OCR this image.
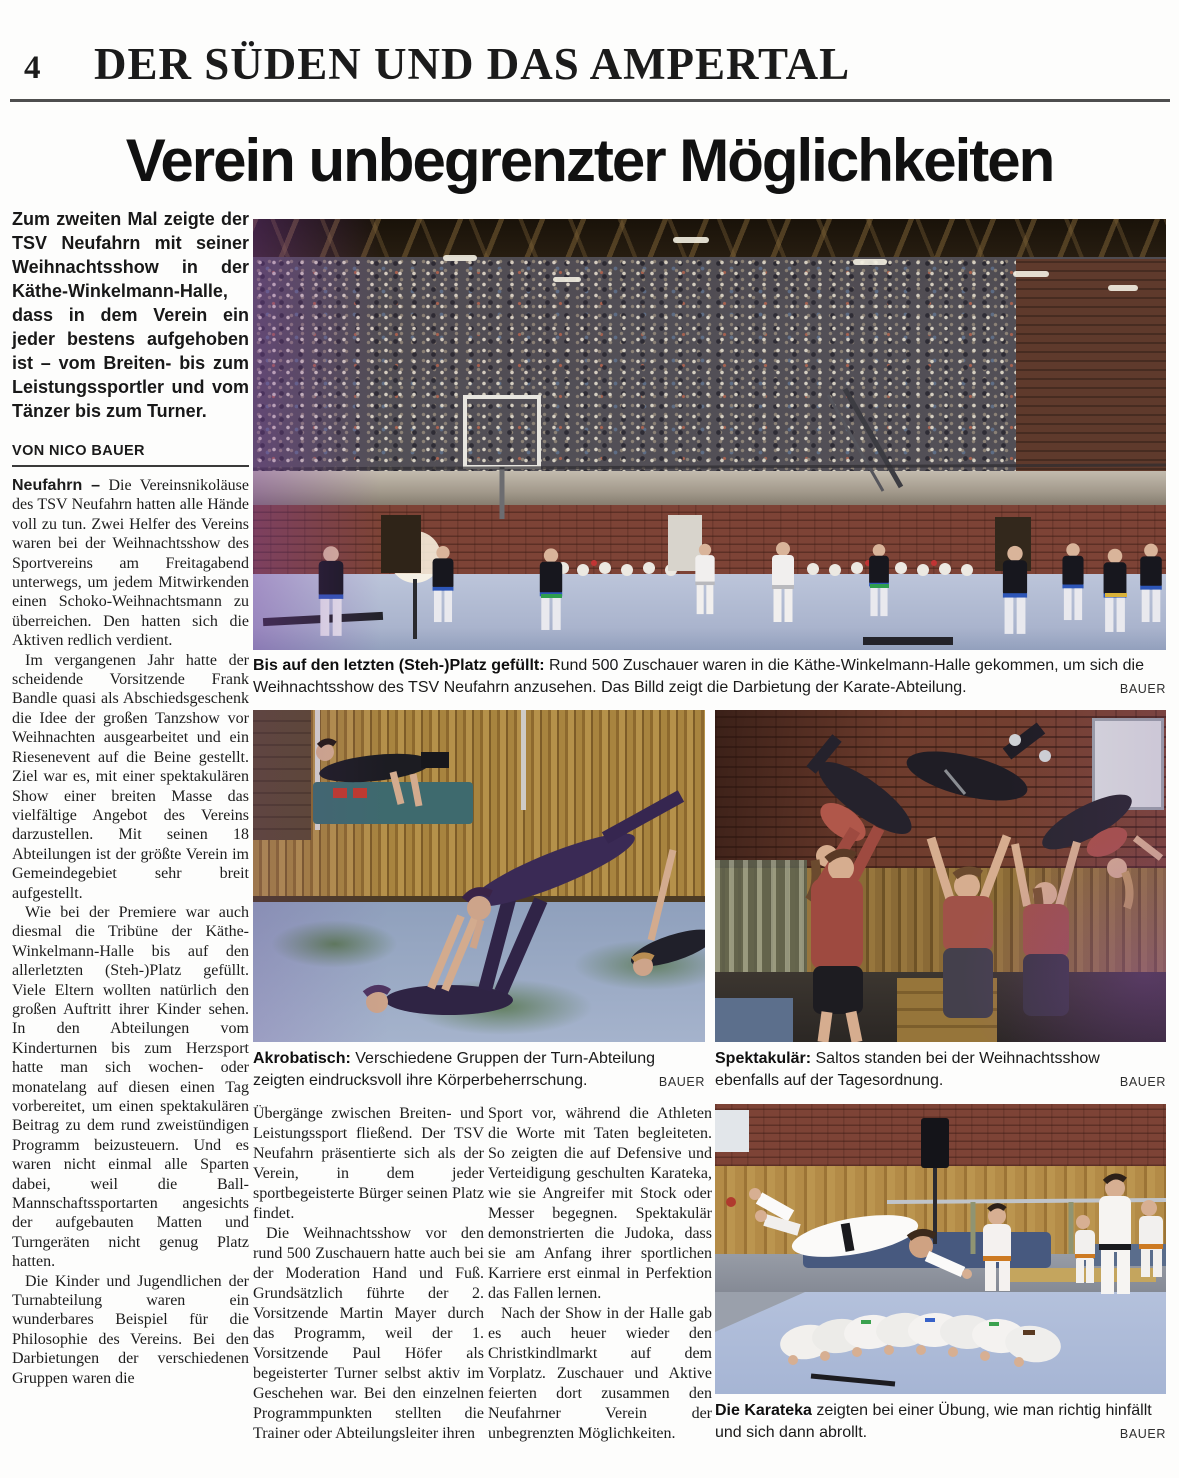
4 DER SÜDEN UND DAS AMPERTAL
Verein unbegrenzter Möglichkeiten

Zum zweiten Mal zeigte der TSV Neufahrn mit seiner Weihnachtsshow in der Käthe-Winkelmann-Halle, dass in dem Verein ein jeder bestens aufgehoben ist – vom Breiten- bis zum Leistungssportler und vom Tänzer bis zum Turner.

VON NICO BAUER

Neufahrn – Die Vereinsnikoläuse des TSV Neufahrn hatten alle Hände voll zu tun. Zwei Helfer des Vereins waren bei der Weihnachtsshow des Sportvereins am Freitagabend unterwegs, um jedem Mitwirkenden einen Schoko-Weihnachtsmann zu überreichen. Den hatten sich die Aktiven redlich verdient.

Im vergangenen Jahr hatte der scheidende Vorsitzende Frank Bandle quasi als Abschiedsgeschenk die Idee der großen Tanzshow vor Weihnachten ausgearbeitet und ein Riesenevent auf die Beine gestellt. Ziel war es, mit einer spektakulären Show einer breiten Masse das vielfältige Angebot des Vereins darzustellen. Mit seinen 18 Abteilungen ist der größte Verein im Gemeindegebiet sehr breit aufgestellt.

Wie bei der Premiere war auch diesmal die Tribüne der Käthe-Winkelmann-Halle bis auf den allerletzten (Steh-)Platz gefüllt. Viele Eltern wollten natürlich den großen Auftritt ihrer Kinder sehen. In den Abteilungen vom Kinderturnen bis zum Herzsport hatte man sich wochen- oder monatelang auf diesen einen Tag vorbereitet, um einen spektakulären Beitrag zu dem rund zweistündigen Programm beizusteuern. Und es waren nicht einmal alle Sparten dabei, weil die Ball-Mannschaftssportarten angesichts der aufgebauten Matten und Turngeräten nicht genug Platz hatten.

Die Kinder und Jugendlichen der Turnabteilung waren ein wunderbares Beispiel für die Philosophie des Vereins. Bei den Darbietungen der verschiedenen Gruppen waren die

Bis auf den letzten (Steh-)Platz gefüllt: Rund 500 Zuschauer waren in die Käthe-Winkelmann-Halle gekommen, um sich die Weihnachtsshow des TSV Neufahrn anzusehen. Das Billd zeigt die Darbietung der Karate-Abteilung.	BAUER

Akrobatisch: Verschiedene Gruppen der Turn-Abteilung zeigten eindrucksvoll ihre Körperbeherrschung.	BAUER

Spektakulär: Saltos standen bei der Weihnachtsshow ebenfalls auf der Tagesordnung.	BAUER

Übergänge zwischen Breiten- und Leistungssport fließend. Der TSV Neufahrn präsentierte sich als der Verein, in dem jeder sportbegeisterte Bürger seinen Platz findet.

Die Weihnachtsshow vor den rund 500 Zuschauern hatte auch bei der Moderation Hand und Fuß. Grundsätzlich führte der 2. Vorsitzende Martin Mayer durch das Programm, weil der 1. Vorsitzende Paul Höfer als begeisterter Turner selbst aktiv im Geschehen war. Bei den einzelnen Programmpunkten stellten die Trainer oder Abteilungsleiter ihren

Sport vor, während die Athleten die Worte mit Taten begleiteten. So zeigten die auf Defensive und Verteidigung geschulten Karateka, wie sie Angreifer mit Stock oder Messer begegnen. Spektakulär demonstrierten die Judoka, dass sie am Anfang ihrer sportlichen Karriere erst einmal in Perfektion das Fallen lernen.

Nach der Show in der Halle gab es auch heuer wieder den Christkindlmarkt auf dem Vorplatz. Zuschauer und Aktive feierten dort zusammen den Neufahrner Verein der unbegrenzten Möglichkeiten.

Die Karateka zeigten bei einer Übung, wie man richtig hinfällt und sich dann abrollt.	BAUER
